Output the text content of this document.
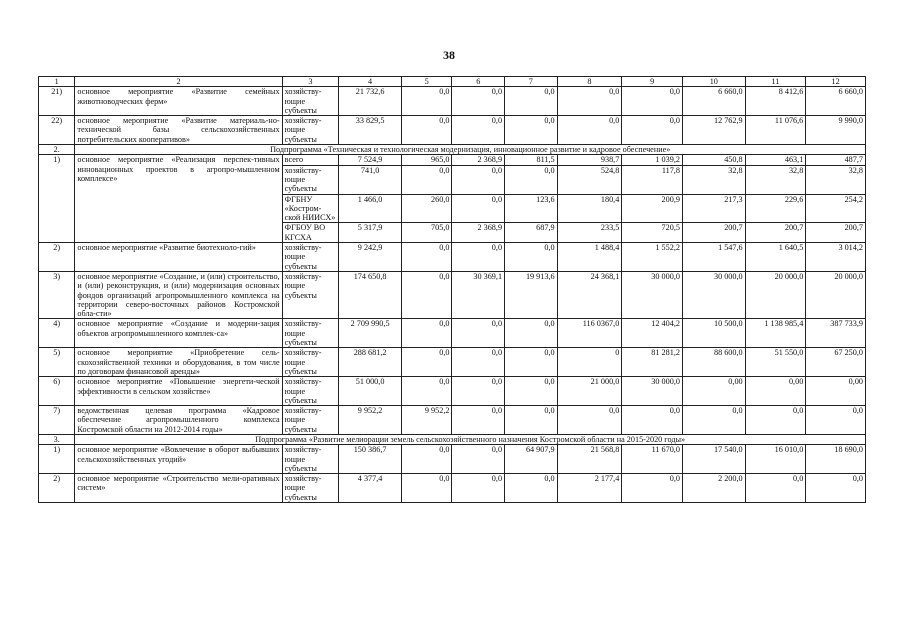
38
1	2	3	4	5	6	7	8	9	10	11	12
21)	основное мероприятие «Развитие семейных животноводческих ферм»	хозяйству-ющие субъекты	21 732,6	0,0	0,0	0,0	0,0	0,0	6 660,0	8 412,6	6 660,0
22)	основное мероприятие «Развитие материаль-но-технической базы сельскохозяйственных потребительских кооперативов»	хозяйству-ющие субъекты	33 829,5	0,0	0,0	0,0	0,0	0,0	12 762,9	11 076,6	9 990,0
2.	Подпрограмма «Техническая и технологическая модернизация, инновационное развитие и кадровое обеспечение»										
1)	основное мероприятие «Реализация перспек-тивных инновационных проектов в агропро-мышленном комплексе»	всего	7 524,9	965,0	2 368,9	811,5	938,7	1 039,2	450,8	463,1	487,7
		хозяйству-ющие субъекты	741,0	0,0	0,0	0,0	524,8	117,8	32,8	32,8	32,8
		ФГБНУ «Костром-ской НИИСХ»	1 466,0	260,0	0,0	123,6	180,4	200,9	217,3	229,6	254,2
		ФГБОУ ВО КГСХА	5 317,9	705,0	2 368,9	687,9	233,5	720,5	200,7	200,7	200,7
2)	основное мероприятие «Развитие биотехноло-гий»	хозяйству-ющие субъекты	9 242,9	0,0	0,0	0,0	1 488,4	1 552,2	1 547,6	1 640,5	3 014,2
3)	основное мероприятие «Создание, и (или) строительство, и (или) реконструкция, и (или) модернизация основных фондов организаций агропромышленного комплекса на территории северо-восточных районов Костромской обла-сти»	хозяйству-ющие субъекты	174 650,8	0,0	30 369,1	19 913,6	24 368,1	30 000,0	30 000,0	20 000,0	20 000,0
4)	основное мероприятие «Создание и модерни-зация объектов агропромышленного комплек-са»	хозяйству-ющие субъекты	2 709 990,5	0,0	0,0	0,0	116 0367,0	12 404,2	10 500,0	1 138 985,4	387 733,9
5)	основное мероприятие «Приобретение сель-скохозяйственной техники и оборудования, в том числе по договорам финансовой аренды»	хозяйству-ющие субъекты	288 681,2	0,0	0,0	0,0	0	81 281,2	88 600,0	51 550,0	67 250,0
6)	основное мероприятие «Повышение энергети-ческой эффективности в сельском хозяйстве»	хозяйству-ющие субъекты	51 000,0	0,0	0,0	0,0	21 000,0	30 000,0	0,00	0,00	0,00
7)	ведомственная целевая программа «Кадровое обеспечение агропромышленного комплекса Костромской области на 2012-2014 годы»	хозяйству-ющие субъекты	9 952,2	9 952,2	0,0	0,0	0,0	0,0	0,0	0,0	0,0
3.	Подпрограмма «Развитие мелиорации земель сельскохозяйственного назначения Костромской области на 2015-2020 годы»										
1)	основное мероприятие «Вовлечение в оборот выбывших сельскохозяйственных угодий»	хозяйству-ющие субъекты	150 386,7	0,0	0,0	64 907,9	21 568,8	11 670,0	17 540,0	16 010,0	18 690,0
2)	основное мероприятие «Строительство мели-оративных систем»	хозяйству-ющие субъекты	4 377,4	0,0	0,0	0,0	2 177,4	0,0	2 200,0	0,0	0,0
